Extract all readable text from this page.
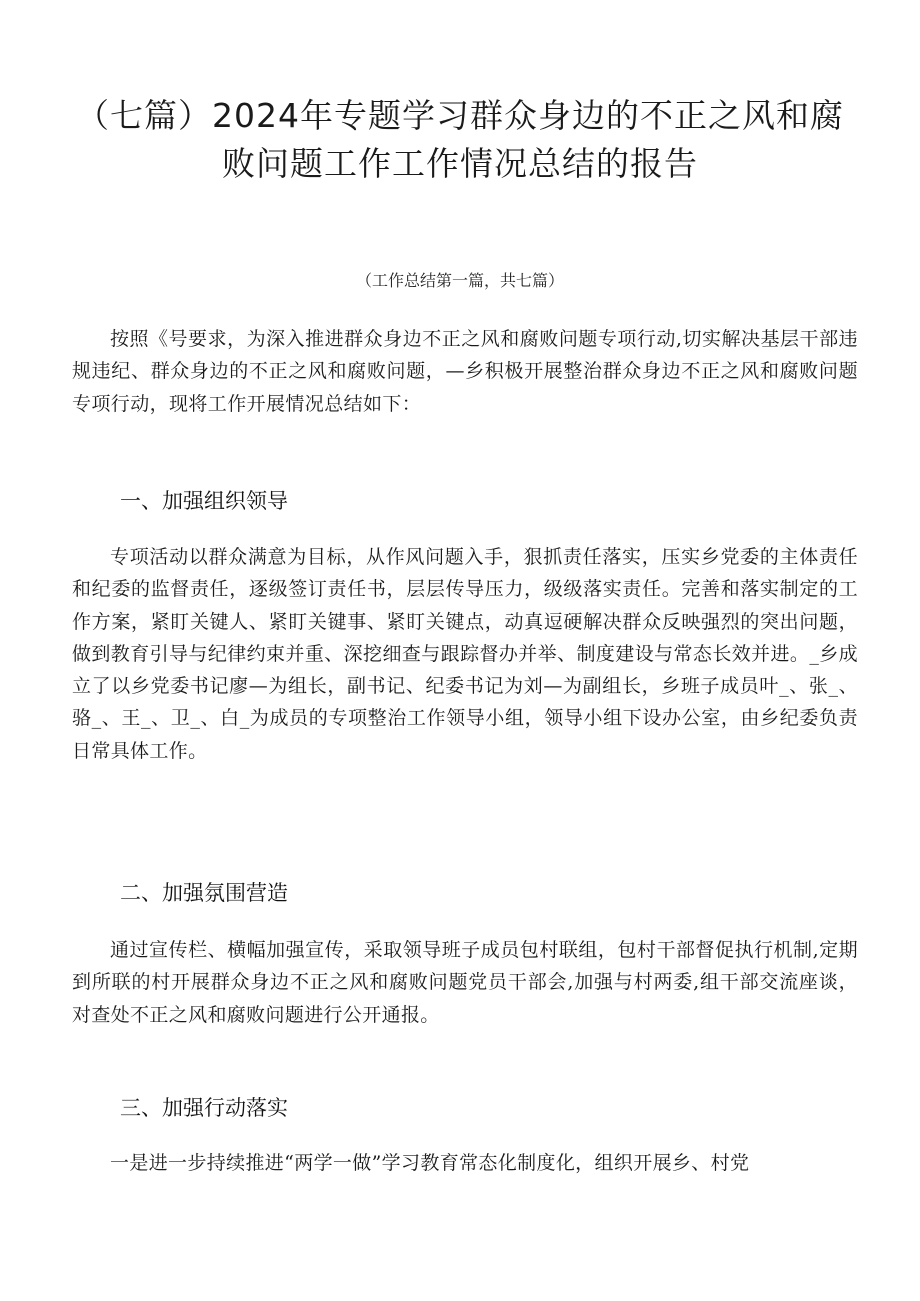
（七篇）2024年专题学习群众身边的不正之风和腐
败问题工作工作情况总结的报告
（工作总结第一篇，共七篇）

按照《号要求，为深入推进群众身边不正之风和腐败问题专项行动,切实解决基层干部违规违纪、群众身边的不正之风和腐败问题，—乡积极开展整治群众身边不正之风和腐败问题专项行动，现将工作开展情况总结如下：

一、加强组织领导

专项活动以群众满意为目标，从作风问题入手，狠抓责任落实，压实乡党委的主体责任和纪委的监督责任，逐级签订责任书，层层传导压力，级级落实责任。完善和落实制定的工作方案，紧盯关键人、紧盯关键事、紧盯关键点，动真逗硬解决群众反映强烈的突出问题，做到教育引导与纪律约束并重、深挖细查与跟踪督办并举、制度建设与常态长效并进。_乡成立了以乡党委书记廖—为组长，副书记、纪委书记为刘—为副组长，乡班子成员叶_、张_、骆_、王_、卫_、白_为成员的专项整治工作领导小组，领导小组下设办公室，由乡纪委负责日常具体工作。

二、加强氛围营造

通过宣传栏、横幅加强宣传，采取领导班子成员包村联组，包村干部督促执行机制,定期到所联的村开展群众身边不正之风和腐败问题党员干部会,加强与村两委,组干部交流座谈，对查处不正之风和腐败问题进行公开通报。

三、加强行动落实

一是进一步持续推进“两学一做”学习教育常态化制度化，组织开展乡、村党
